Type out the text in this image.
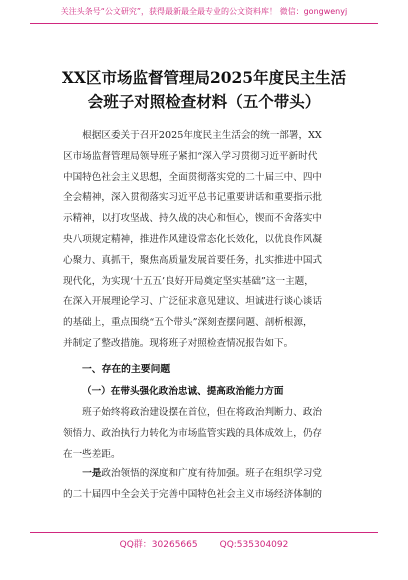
关注头条号“公文研究”，获得最新最全最专业的公文资料库！ 微信：gongwenyj
XX区市场监督管理局2025年度民主生活
会班子对照检查材料（五个带头）
　　根据区委关于召开2025年度民主生活会的统一部署，XX
区市场监督管理局领导班子紧扣“深入学习贯彻习近平新时代
中国特色社会主义思想，全面贯彻落实党的二十届三中、四中
全会精神，深入贯彻落实习近平总书记重要讲话和重要指示批
示精神，以打攻坚战、持久战的决心和恒心，锲而不舍落实中
央八项规定精神，推进作风建设常态化长效化，以优良作风凝
心聚力、真抓干，聚焦高质量发展首要任务，扎实推进中国式
现代化，为实现‘十五五’良好开局奠定坚实基础”这一主题，
在深入开展理论学习、广泛征求意见建议、坦诚进行谈心谈话
的基础上，重点围绕“五个带头”深刻查摆问题、剖析根源，
并制定了整改措施。现将班子对照检查情况报告如下。
一、存在的主要问题
（一）在带头强化政治忠诚、提高政治能力方面
　　班子始终将政治建设摆在首位，但在将政治判断力、政治
领悟力、政治执行力转化为市场监管实践的具体成效上，仍存
在一些差距。
　　一是政治领悟的深度和广度有待加强。班子在组织学习党
的二十届四中全会关于完善中国特色社会主义市场经济体制的
QQ群：30265665 QQ:535304092
